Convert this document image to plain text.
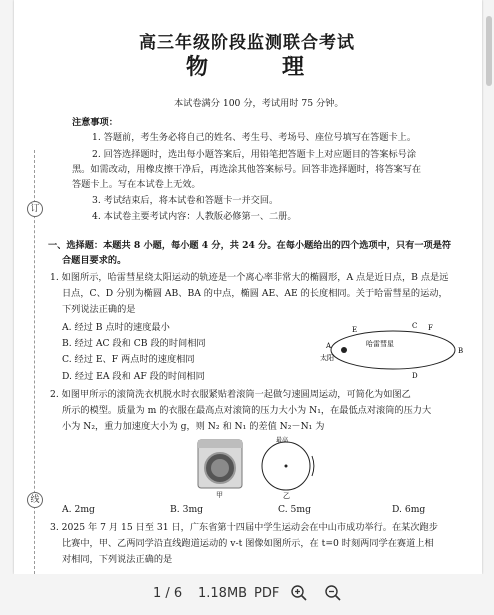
订
线
高三年级阶段监测联合考试
物　理
本试卷满分 100 分，考试用时 75 分钟。
注意事项：
1. 答题前，考生务必将自己的姓名、考生号、考场号、座位号填写在答题卡上。
2. 回答选择题时，选出每小题答案后，用铅笔把答题卡上对应题目的答案标号涂
黑。如需改动，用橡皮擦干净后，再选涂其他答案标号。回答非选择题时，将答案写在
答题卡上。写在本试卷上无效。
3. 考试结束后，将本试卷和答题卡一并交回。
4. 本试卷主要考试内容：人教版必修第一、二册。
一、选择题：本题共 8 小题，每小题 4 分，共 24 分。在每小题给出的四个选项中，只有一项是符
合题目要求的。
1. 如图所示，哈雷彗星绕太阳运动的轨迹是一个离心率非常大的椭圆形，A 点是近日点，B 点是远
日点，C、D 分别为椭圆 AB、BA 的中点，椭圆 AE、AE 的长度相同。关于哈雷彗星的运动，
下列说法正确的是
A. 经过 B 点时的速度最小
B. 经过 AC 段和 CB 段的时间相同
C. 经过 E、F 两点时的速度相同
D. 经过 EA 段和 AF 段的时间相同
太阳
哈雷彗星
A
B
C
D
E	F
2. 如图甲所示的滚筒洗衣机脱水时衣服紧贴着滚筒一起做匀速圆周运动，可简化为如图乙
所示的模型。质量为 m 的衣服在最高点对滚筒的压力大小为 N₁，在最低点对滚筒的压力大
小为 N₂，重力加速度大小为 g，则 N₂ 和 N₁ 的差值 N₂－N₁ 为
甲
最高
乙
A. 2mg	B. 3mg	C. 5mg	D. 6mg
3. 2025 年 7 月 15 日至 31 日，广东省第十四届中学生运动会在中山市成功举行。在某次跑步
比赛中，甲、乙两同学沿直线跑道运动的 v-t 图像如图所示，在 t=0 时刻两同学在赛道上相
对相同，下列说法正确的是
1 / 6 1.18MB PDF
